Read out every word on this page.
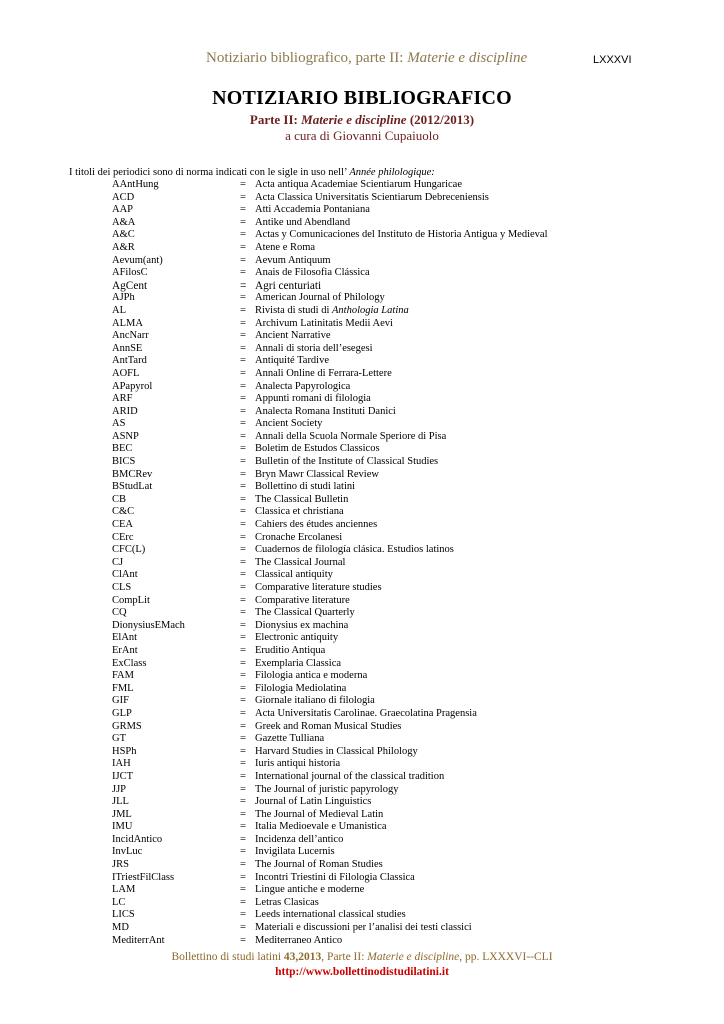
Notiziario bibliografico, parte II: Materie e discipline	LXXXVI
NOTIZIARIO BIBLIOGRAFICO
Parte II: Materie e discipline (2012/2013)
a cura di Giovanni Cupaiuolo
I titoli dei periodici sono di norma indicati con le sigle in uso nell’ Année philologique:
AAntHung	= Acta antiqua Academiae Scientiarum Hungaricae
ACD	= Acta Classica Universitatis Scientiarum Debreceniensis
AAP	= Atti Accademia Pontaniana
A&A	= Antike und Abendland
A&C	= Actas y Comunicaciones del Instituto de Historia Antigua y Medieval
A&R	= Atene e Roma
Aevum(ant)	= Aevum Antiquum
AFilosC	= Anais de Filosofia Clássica
AgCent	= Agri centuriati
AJPh	= American Journal of Philology
AL	= Rivista di studi di Anthologia Latina
ALMA	= Archivum Latinitatis Medii Aevi
AncNarr	= Ancient Narrative
AnnSE	= Annali di storia dell’esegesi
AntTard	= Antiquité Tardive
AOFL	= Annali Online di Ferrara-Lettere
APapyrol	= Analecta Papyrologica
ARF	= Appunti romani di filologia
ARID	= Analecta Romana Instituti Danici
AS	= Ancient Society
ASNP	= Annali della Scuola Normale Speriore di Pisa
BEC	= Boletim de Estudos Classicos
BICS	= Bulletin of the Institute of Classical Studies
BMCRev	= Bryn Mawr Classical Review
BStudLat	= Bollettino di studi latini
CB	= The Classical Bulletin
C&C	= Classica et christiana
CEA	= Cahiers des études anciennes
CErc	= Cronache Ercolanesi
CFC(L)	= Cuadernos de filología clásica. Estudios latinos
CJ	= The Classical Journal
ClAnt	= Classical antiquity
CLS	= Comparative literature studies
CompLit	= Comparative literature
CQ	= The Classical Quarterly
DionysiusEMach	= Dionysius ex machina
ElAnt	= Electronic antiquity
ErAnt	= Eruditio Antiqua
ExClass	= Exemplaria Classica
FAM	= Filologia antica e moderna
FML	= Filologia Mediolatina
GIF	= Giornale italiano di filologia
GLP	= Acta Universitatis Carolinae. Graecolatina Pragensia
GRMS	= Greek and Roman Musical Studies
GT	= Gazette Tulliana
HSPh	= Harvard Studies in Classical Philology
IAH	= Iuris antiqui historia
IJCT	= International journal of the classical tradition
JJP	= The Journal of juristic papyrology
JLL	= Journal of Latin Linguistics
JML	= The Journal of Medieval Latin
IMU	= Italia Medioevale e Umanistica
IncidAntico	= Incidenza dell’antico
InvLuc	= Invigilata Lucernis
JRS	= The Journal of Roman Studies
ITriestFilClass	= Incontri Triestini di Filologia Classica
LAM	= Lingue antiche e moderne
LC	= Letras Clasicas
LICS	= Leeds international classical studies
MD	= Materiali e discussioni per l’analisi dei testi classici
MediterrAnt	= Mediterraneo Antico
Bollettino di studi latini 43,2013, Parte II: Materie e discipline, pp. LXXXVI--CLI
http://www.bollettinodistudilatini.it
